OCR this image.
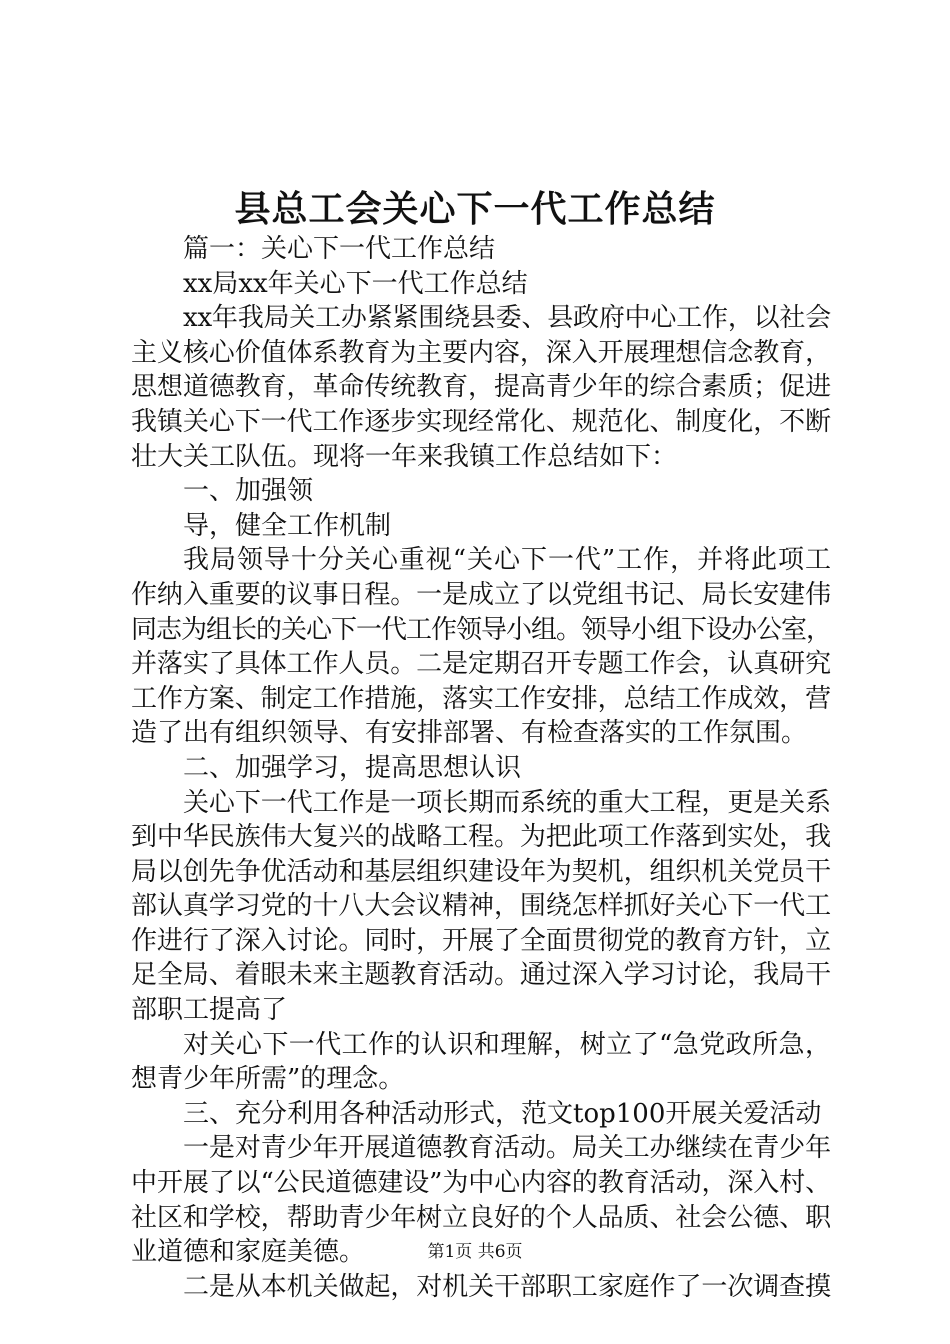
县总工会关心下一代工作总结
篇一：关心下一代工作总结
xx局xx年关心下一代工作总结
xx年我局关工办紧紧围绕县委、县政府中心工作，以社会
主义核心价值体系教育为主要内容，深入开展理想信念教育，
思想道德教育，革命传统教育，提高青少年的综合素质；促进
我镇关心下一代工作逐步实现经常化、规范化、制度化，不断
壮大关工队伍。现将一年来我镇工作总结如下：
一、加强领
导，健全工作机制
我局领导十分关心重视“关心下一代”工作，并将此项工
作纳入重要的议事日程。一是成立了以党组书记、局长安建伟
同志为组长的关心下一代工作领导小组。领导小组下设办公室，
并落实了具体工作人员。二是定期召开专题工作会，认真研究
工作方案、制定工作措施，落实工作安排，总结工作成效，营
造了出有组织领导、有安排部署、有检查落实的工作氛围。
二、加强学习，提高思想认识
关心下一代工作是一项长期而系统的重大工程，更是关系
到中华民族伟大复兴的战略工程。为把此项工作落到实处，我
局以创先争优活动和基层组织建设年为契机，组织机关党员干
部认真学习党的十八大会议精神，围绕怎样抓好关心下一代工
作进行了深入讨论。同时，开展了全面贯彻党的教育方针，立
足全局、着眼未来主题教育活动。通过深入学习讨论，我局干
部职工提高了
对关心下一代工作的认识和理解，树立了“急党政所急，
想青少年所需”的理念。
三、充分利用各种活动形式，范文top100开展关爱活动
一是对青少年开展道德教育活动。局关工办继续在青少年
中开展了以“公民道德建设”为中心内容的教育活动，深入村、
社区和学校，帮助青少年树立良好的个人品质、社会公德、职
业道德和家庭美德。
二是从本机关做起，对机关干部职工家庭作了一次调查摸
第1页 共6页
